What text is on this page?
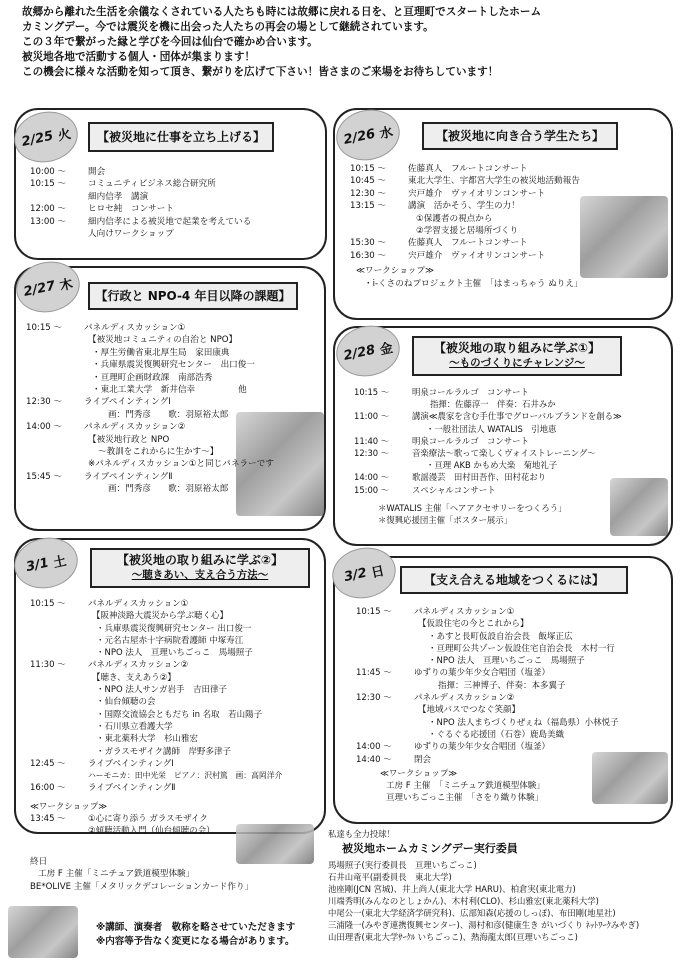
故郷から離れた生活を余儀なくされている人たちも時には故郷に戻れる日を、と亘理町でスタートしたホーム
カミングデー。今では震災を機に出会った人たちの再会の場として継続されています。
この３年で繋がった縁と学びを今回は仙台で確かめ合います。
被災地各地で活動する個人・団体が集まります！
この機会に様々な活動を知って頂き、繋がりを広げて下さい！皆さまのご来場をお待ちしています！
2/25
火	【被災地に仕事を立ち上げる】
10:00 ～	開会
10:15 ～	コミュニティビジネス総合研究所
細内信孝　講演
12:00 ～	ヒロセ純　コンサート
13:00 ～	細内信孝による被災地で起業を考えている
人向けワークショップ
2/26
水	【被災地に向き合う学生たち】
10:15 ～	佐藤真人　フルートコンサート
10:45 ～	東北大学生、宇都宮大学生の被災地活動報告
12:30 ～	宍戸雄介　ヴァイオリンコンサート
13:15 ～	講演　活かそう、学生の力！
①保護者の視点から
②学習支援と居場所づくり
15:30 ～	佐藤真人　フルートコンサート
16:30 ～	宍戸雄介　ヴァイオリンコンサート
≪ワークショップ≫
・i-くさのねプロジェクト主催　「はまっちゃう ぬりえ」
2/27
木
【行政と NPO-4 年目以降の課題】
10:15 ～	パネルディスカッション①
【被災地コミュニティの自治と NPO】
・厚生労働省東北厚生局　家田康典
・兵庫県震災復興研究センター　出口俊一
・亘理町企画財政課　南部浩秀
・東北工業大学　新井信幸　　　　　他
12:30 ～	ライブペインティングⅠ
画：門秀彦　　歌：羽原裕太郎
14:00 ～	パネルディスカッション②
【被災地行政と NPO
～教訓をこれからに生かす～】
※パネルディスカッション①と同じパネラーです
15:45 ～	ライブペインティングⅡ
画：門秀彦　　歌：羽原裕太郎
2/28
金	【被災地の取り組みに学ぶ①】
～ものづくりにチャレンジ～
10:15 ～	明泉コールラルゴ　コンサート
指揮：佐藤淳一　伴奏：石井みか
11:00 ～	講演≪農家を含む手仕事でグローバルブランドを創る≫
・一般社団法人 WATALIS　引地恵
11:40 ～	明泉コールラルゴ　コンサート
12:30 ～	音楽療法～歌って楽しくヴォイストレーニング～
・亘理 AKB かもめ大楽　菊地礼子
14:00 ～	歌謡漫芸　田村田吾作、田村花おり
15:00 ～	スペシャルコンサート
＊WATALIS 主催「ヘアアクセサリーをつくろう」
＊復興応援団主催「ポスター展示」
3/1
土	【被災地の取り組みに学ぶ②】
～聴きあい、支え合う方法～
10:15 ～	パネルディスカッション①
【阪神淡路大震災から学ぶ聴く心】
・兵庫県震災復興研究センター 出口俊一
・元名古屋赤十字病院看護師 中塚寿江
・NPO 法人　亘理いちごっこ　馬場照子
11:30 ～	パネルディスカッション②
【聴き、支えあう②】
・NPO 法人サンガ岩手　吉田律子
・仙台傾聴の会
・国際交流協会ともだち in 名取　若山陽子
・石川県立看護大学
・東北薬科大学　杉山雅宏
・ガラスモザイク講師　岸野多津子
12:45 ～	ライブペインティングⅠ
ハーモニカ：田中光栄　ピアノ：沢村篤　画：高岡洋介
16:00 ～	ライブペインティングⅡ
≪ワークショップ≫
13:45 ～	①心に寄り添う ガラスモザイク
②傾聴活動入門（仙台傾聴の会）
終日
工房 F 主催「ミニチュア鉄道模型体験」
BE*OLIVE 主催「メタリックデコレーションカード作り」
3/2
日	【支え合える地域をつくるには】
10:15 ～	パネルディスカッション①
【仮設住宅の今とこれから】
・あすと長町仮設自治会長　飯塚正広
・亘理町公共ゾーン仮設住宅自治会長　木村一行
・NPO 法人　亘理いちごっこ　馬場照子
11:45 ～	ゆずりの葉少年少女合唱団（塩釜）
指揮：三神博子、伴奏：本多翼子
12:30 ～	パネルディスカッション②
【地域バスでつなぐ笑顔】
・NPO 法人まちづくりぜぇね（福島県）小林悦子
・ぐるぐる応援団（石巻）鹿島美織
14:00 ～	ゆずりの葉少年少女合唱団（塩釜）
14:40 ～	閉会
≪ワークショップ≫
工房 F 主催　「ミニチュア鉄道模型体験」
亘理いちごっこ主催　「さをり織り体験」
私達も全力投球！
被災地ホームカミングデー実行委員
馬場照子(実行委員長　亘理いちごっこ)
石井山竜平(副委員長　東北大学)
池座剛(JCN 宮城)、井上尚人(東北大学 HARU)、柏倉実(東北電力)
川端秀明(みんなのとしょかん)、木村利(CLO)、杉山雅宏(東北薬科大学)
中尾公一(東北大学経済学研究科)、広部知森(応援のしっぽ)、布田剛(地星社)
三浦隆一(みやぎ連携復興センター)、湯村和彦(健康生き がいづくり ﾈｯﾄﾜｰｸみやぎ)
山田理香(東北大学ｻｰｸﾙ いちごっこ)、熱海龍太郎(亘理いちごっこ)
※講師、演奏者　敬称を略させていただきます
※内容等予告なく変更になる場合があります。
